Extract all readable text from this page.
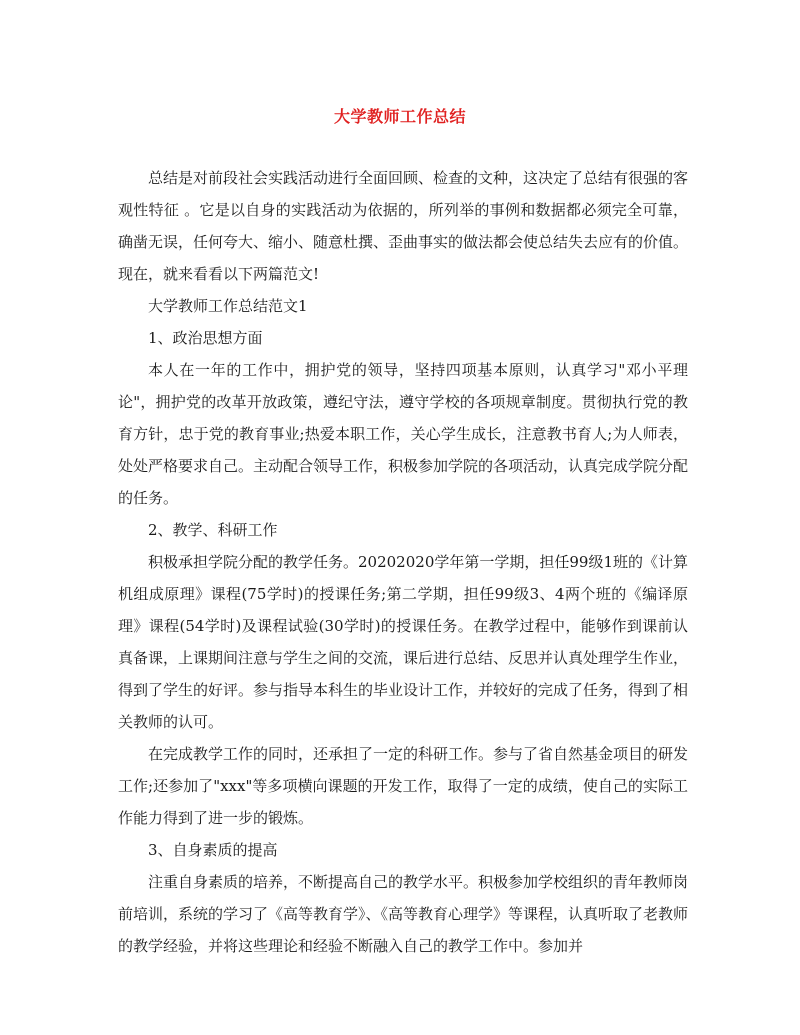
大学教师工作总结

总结是对前段社会实践活动进行全面回顾、检查的文种，这决定了总结有很强的客观性特征 。它是以自身的实践活动为依据的，所列举的事例和数据都必须完全可靠，确凿无误，任何夸大、缩小、随意杜撰、歪曲事实的做法都会使总结失去应有的价值。现在，就来看看以下两篇范文!

大学教师工作总结范文1

1、政治思想方面

本人在一年的工作中，拥护党的领导，坚持四项基本原则，认真学习"邓小平理论"，拥护党的改革开放政策，遵纪守法，遵守学校的各项规章制度。贯彻执行党的教育方针，忠于党的教育事业;热爱本职工作，关心学生成长，注意教书育人;为人师表，处处严格要求自己。主动配合领导工作，积极参加学院的各项活动，认真完成学院分配的任务。

2、教学、科研工作

积极承担学院分配的教学任务。20202020学年第一学期，担任99级1班的《计算机组成原理》课程(75学时)的授课任务;第二学期，担任99级3、4两个班的《编译原理》课程(54学时)及课程试验(30学时)的授课任务。在教学过程中，能够作到课前认真备课，上课期间注意与学生之间的交流，课后进行总结、反思并认真处理学生作业，得到了学生的好评。参与指导本科生的毕业设计工作，并较好的完成了任务，得到了相关教师的认可。

在完成教学工作的同时，还承担了一定的科研工作。参与了省自然基金项目的研发工作;还参加了"xxx"等多项横向课题的开发工作，取得了一定的成绩，使自己的实际工作能力得到了进一步的锻炼。

3、自身素质的提高

注重自身素质的培养，不断提高自己的教学水平。积极参加学校组织的青年教师岗前培训，系统的学习了《高等教育学》、《高等教育心理学》等课程，认真听取了老教师的教学经验，并将这些理论和经验不断融入自己的教学工作中。参加并
